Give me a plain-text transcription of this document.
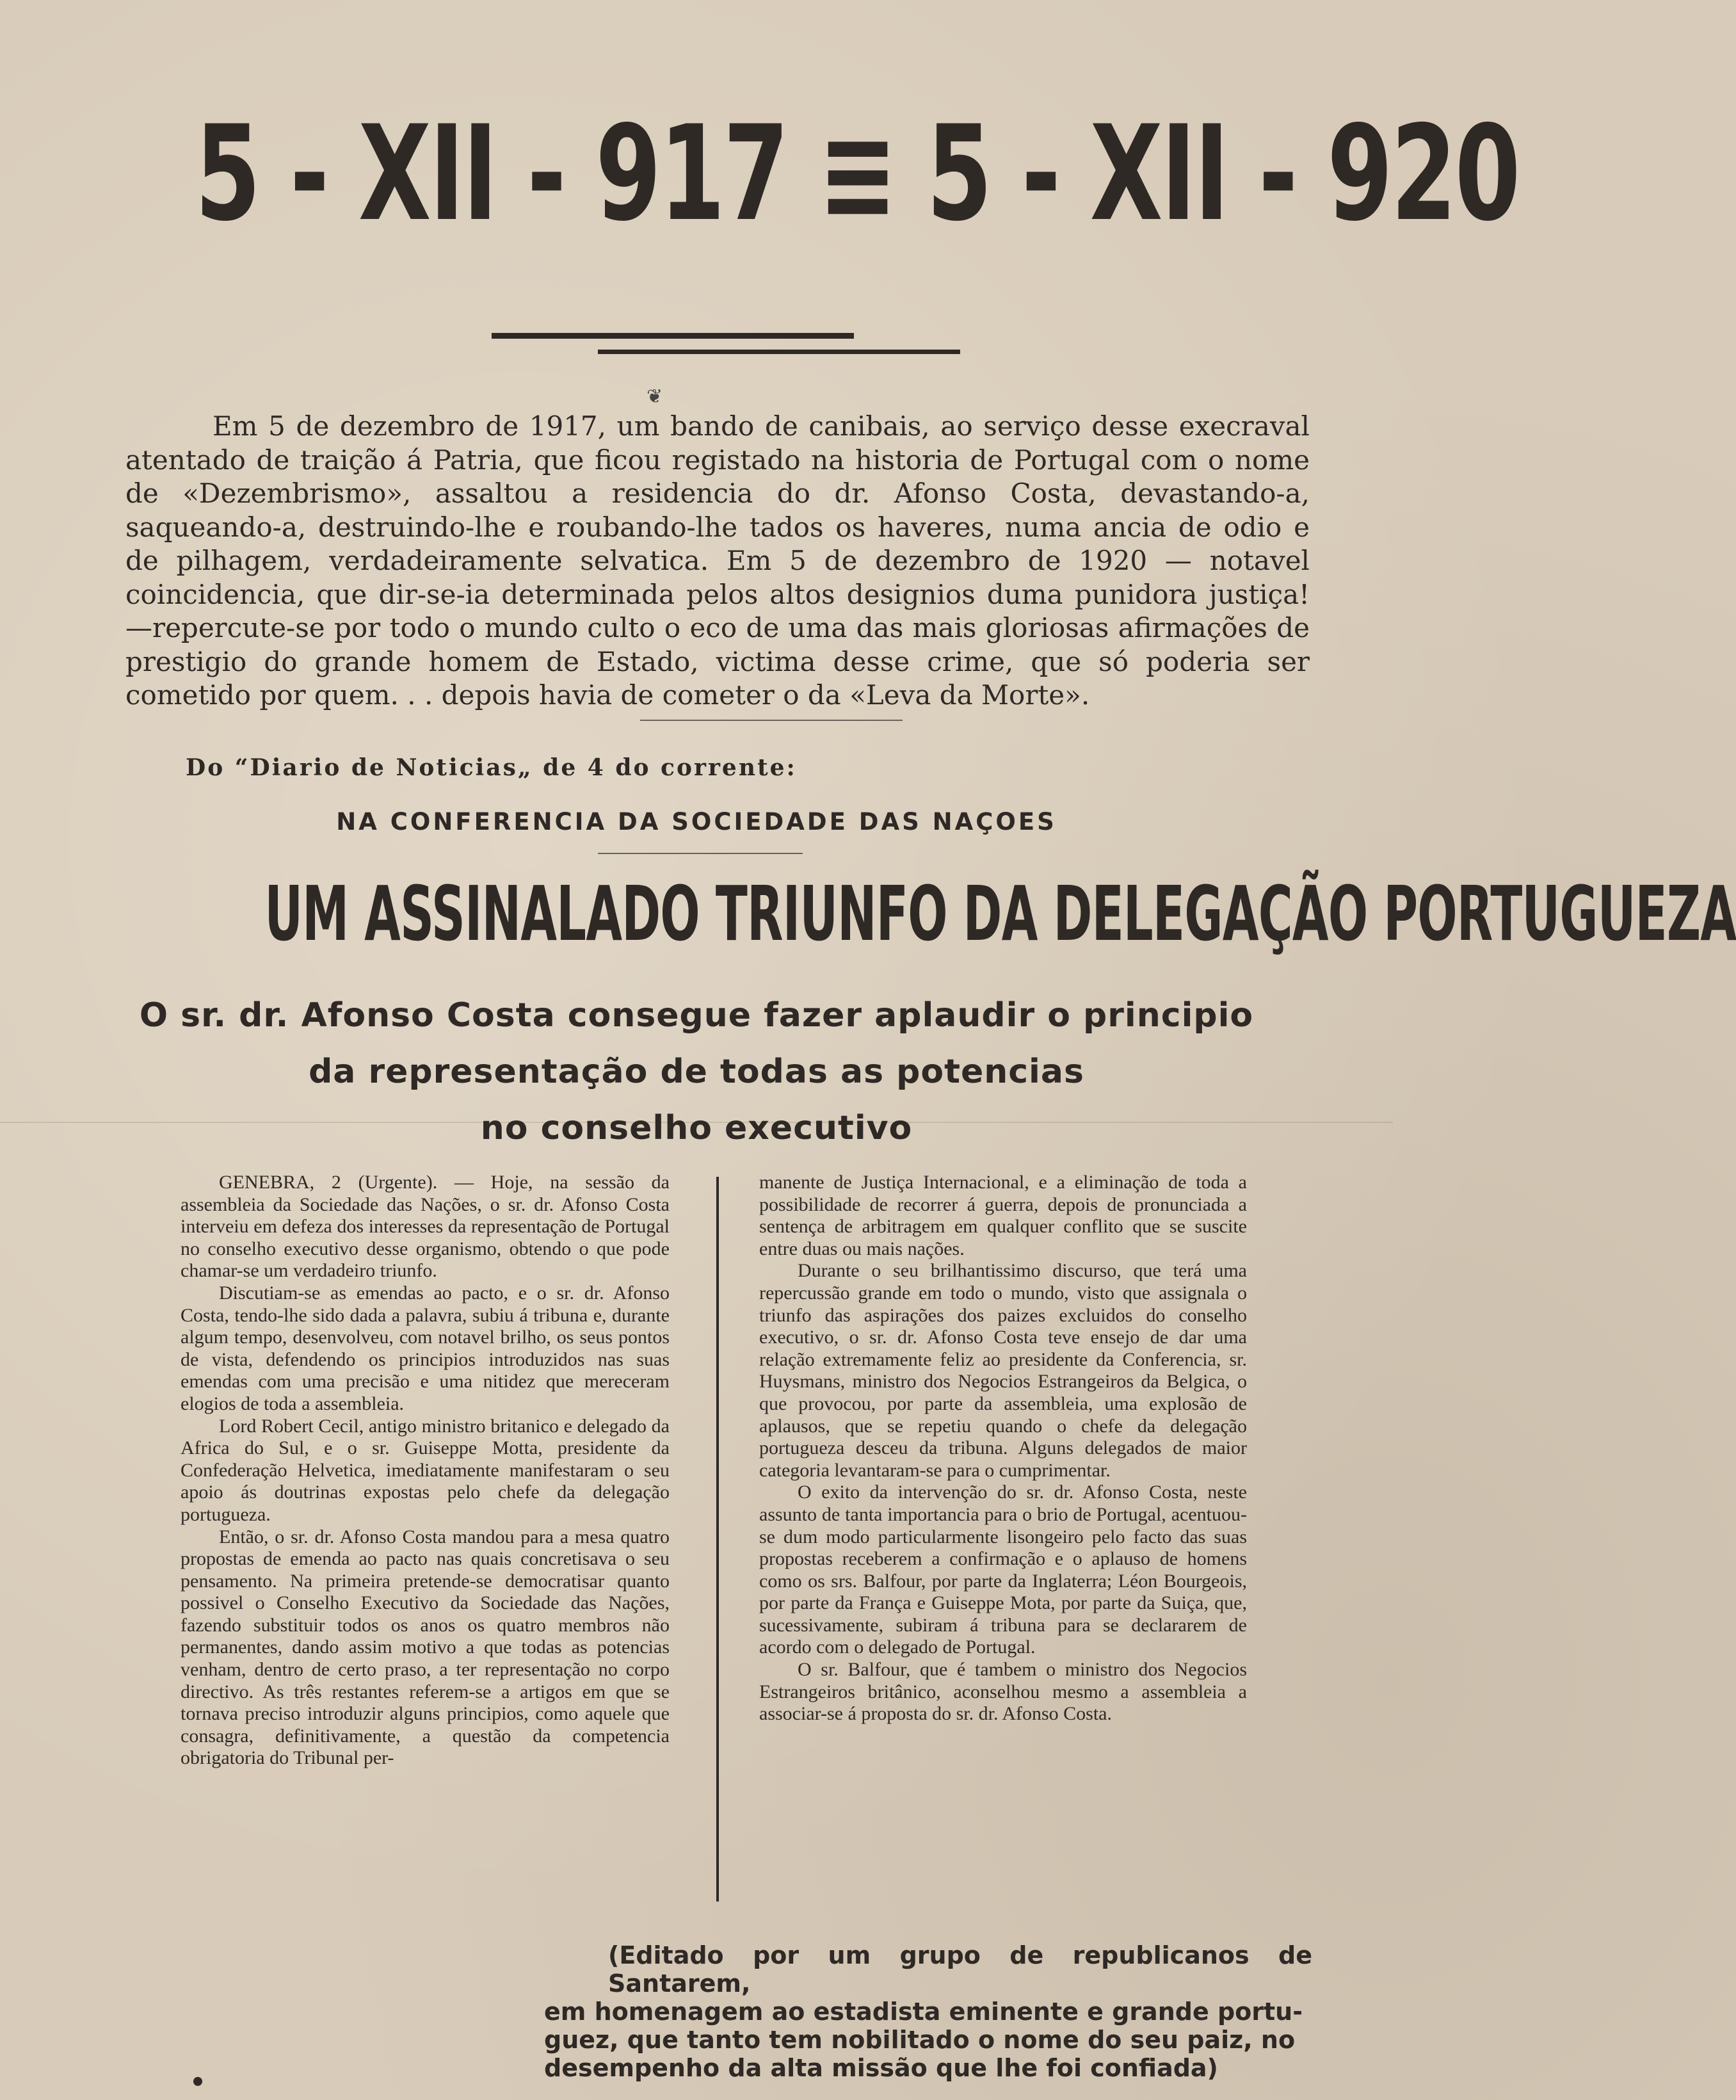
5 - XII - 917 ≡ 5 - XII - 920
❦
Em 5 de dezembro de 1917, um bando de canibais, ao serviço desse execraval atentado de traição á Patria, que ficou registado na historia de Portugal com o nome de «Dezembrismo», assaltou a residencia do dr. Afonso Costa, devastando-a, saqueando-a, destruindo-lhe e roubando-lhe tados os haveres, numa ancia de odio e de pilhagem, verdadeiramente selvatica. Em 5 de dezembro de 1920 — notavel coincidencia, que dir-se-ia determinada pelos altos designios duma punidora justiça! —repercute-se por todo o mundo culto o eco de uma das mais gloriosas afirmações de prestigio do grande homem de Estado, victima desse crime, que só poderia ser cometido por quem. . . depois havia de cometer o da «Leva da Morte».
Do “Diario de Noticias„ de 4 do corrente:
NA CONFERENCIA DA SOCIEDADE DAS NAÇOES
UM ASSINALADO TRIUNFO DA DELEGAÇÃO PORTUGUEZA
O sr. dr. Afonso Costa consegue fazer aplaudir o principio
da representação de todas as potencias
no conselho executivo

GENEBRA, 2 (Urgente). — Hoje, na sessão da assembleia da Sociedade das Nações, o sr. dr. Afonso Costa interveiu em defeza dos interesses da representação de Portugal no conselho executivo desse organismo, obtendo o que pode chamar-se um verdadeiro triunfo.

Discutiam-se as emendas ao pacto, e o sr. dr. Afonso Costa, tendo-lhe sido dada a palavra, subiu á tribuna e, durante algum tempo, desenvolveu, com notavel brilho, os seus pontos de vista, defendendo os principios introduzidos nas suas emendas com uma precisão e uma nitidez que mereceram elogios de toda a assembleia.

Lord Robert Cecil, antigo ministro britanico e delegado da Africa do Sul, e o sr. Guiseppe Motta, presidente da Confederação Helvetica, imediatamente manifestaram o seu apoio ás doutrinas expostas pelo chefe da delegação portugueza.

Então, o sr. dr. Afonso Costa mandou para a mesa quatro propostas de emenda ao pacto nas quais concretisava o seu pensamento. Na primeira pretende-se democratisar quanto possivel o Conselho Executivo da Sociedade das Nações, fazendo substituir todos os anos os quatro membros não permanentes, dando assim motivo a que todas as potencias venham, dentro de certo praso, a ter representação no corpo directivo. As três restantes referem-se a artigos em que se tornava preciso introduzir alguns principios, como aquele que consagra, definitivamente, a questão da competencia obrigatoria do Tribunal per-

manente de Justiça Internacional, e a eliminação de toda a possibilidade de recorrer á guerra, depois de pronunciada a sentença de arbitragem em qualquer conflito que se suscite entre duas ou mais nações.

Durante o seu brilhantissimo discurso, que terá uma repercussão grande em todo o mundo, visto que assignala o triunfo das aspirações dos paizes excluidos do conselho executivo, o sr. dr. Afonso Costa teve ensejo de dar uma relação extremamente feliz ao presidente da Conferencia, sr. Huysmans, ministro dos Negocios Estrangeiros da Belgica, o que provocou, por parte da assembleia, uma explosão de aplausos, que se repetiu quando o chefe da delegação portugueza desceu da tribuna. Alguns delegados de maior categoria levantaram-se para o cumprimentar.

O exito da intervenção do sr. dr. Afonso Costa, neste assunto de tanta importancia para o brio de Portugal, acentuou-se dum modo particularmente lisongeiro pelo facto das suas propostas receberem a confirmação e o aplauso de homens como os srs. Balfour, por parte da Inglaterra; Léon Bourgeois, por parte da França e Guiseppe Mota, por parte da Suiça, que, sucessivamente, subiram á tribuna para se declararem de acordo com o delegado de Portugal.

O sr. Balfour, que é tambem o ministro dos Negocios Estrangeiros britânico, aconselhou mesmo a assembleia a associar-se á proposta do sr. dr. Afonso Costa.

(Editado por um grupo de republicanos de Santarem,
em homenagem ao estadista eminente e grande portu-
guez, que tanto tem nobilitado o nome do seu paiz, no
desempenho da alta missão que lhe foi confiada)
